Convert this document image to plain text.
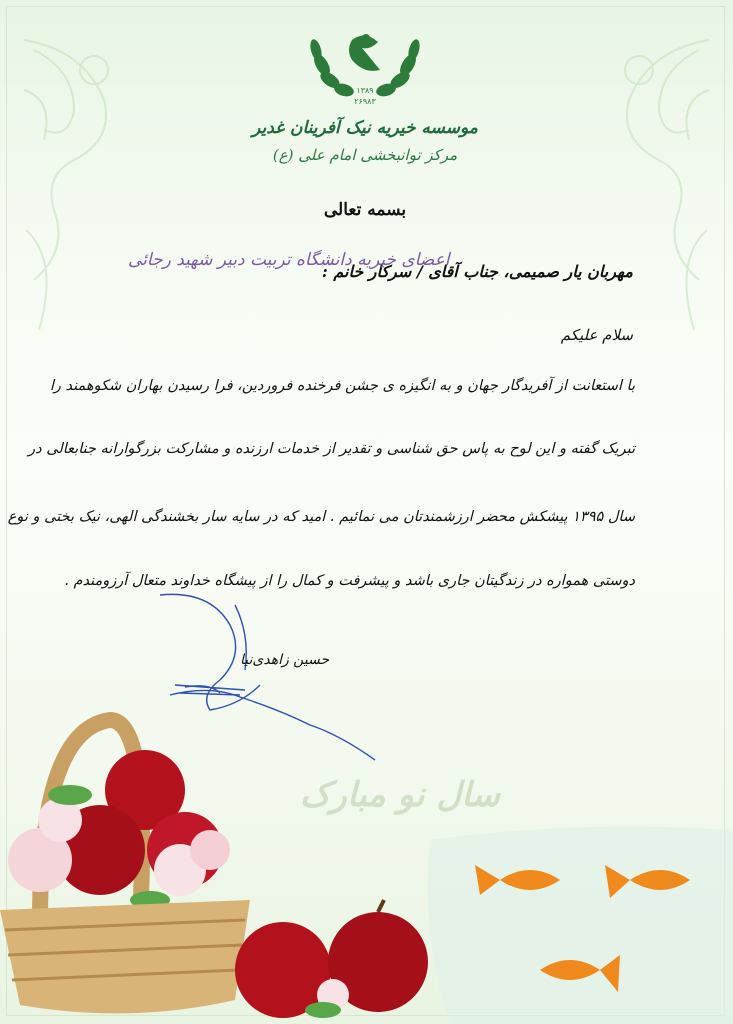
۱۳۸۹
۲۶۹۸۳
موسسه خیریه نیک آفرینان غدیر
مرکز توانبخشی امام علی (ع)
بسمه تعالی
مهربان یار صمیمی، جناب آقای / سرکار خانم :
اعضای خیریه دانشگاه تربیت دبیر شهید رجائی
سلام علیکم
با استعانت از آفریدگار جهان و به انگیزه ی جشن فرخنده فروردین، فرا رسیدن بهاران شکوهمند را
تبریک گفته و این لوح به پاس حق شناسی و تقدیر از خدمات ارزنده و مشارکت بزرگوارانه جنابعالی در
سال ۱۳۹۵ پیشکش محضر ارزشمندتان می نمائیم . امید که در سایه سار بخشندگی الهی، نیک بختی و نوع
دوستی همواره در زندگیتان جاری باشد و پیشرفت و کمال را از پیشگاه خداوند متعال آرزومندم .
حسین زاهدی‌نیا
سال نو مبارک
